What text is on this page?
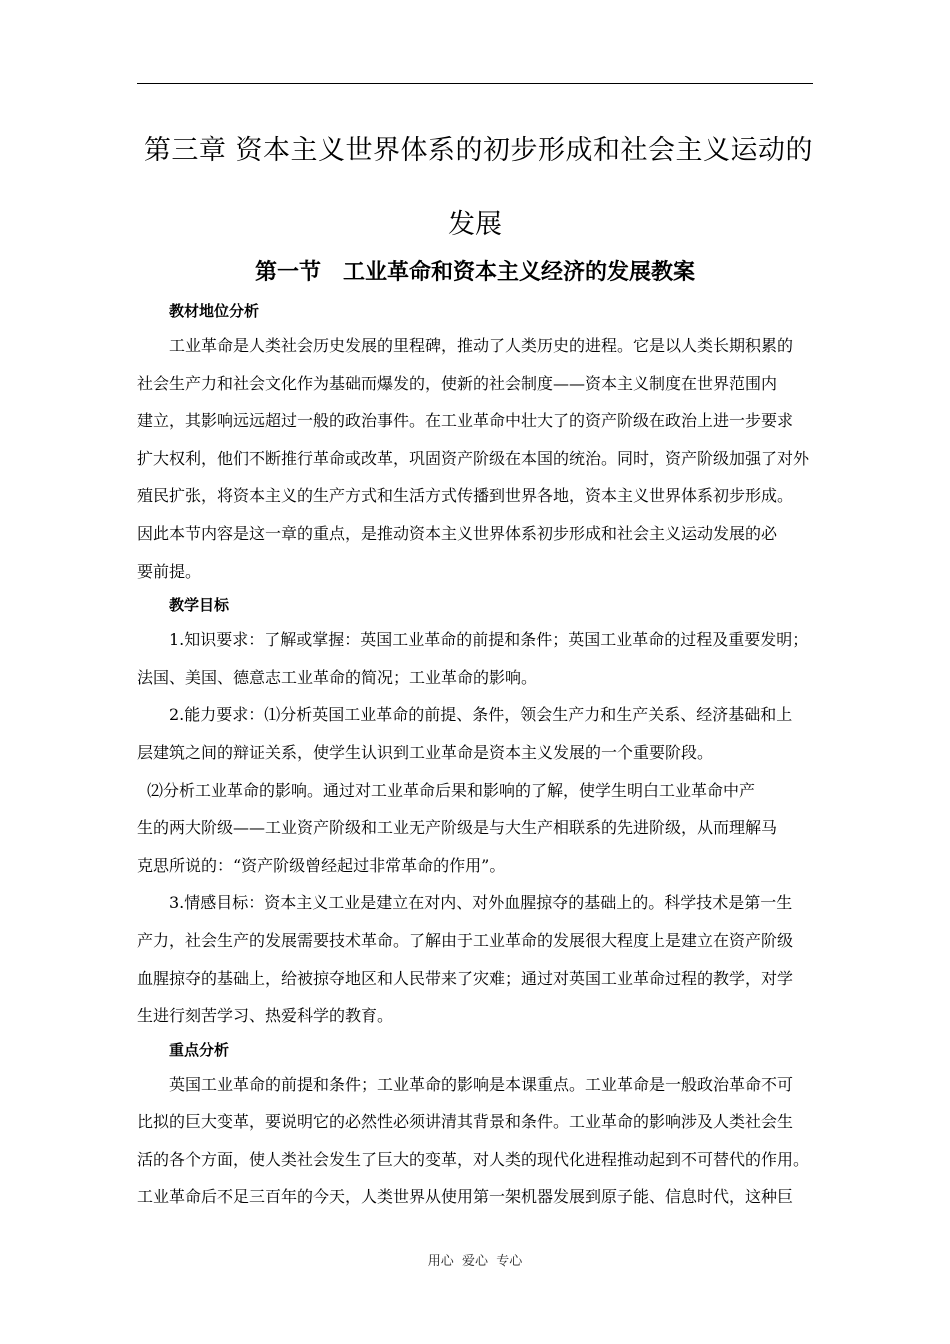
第三章 资本主义世界体系的初步形成和社会主义运动的
发展
第一节　工业革命和资本主义经济的发展教案
教材地位分析
工业革命是人类社会历史发展的里程碑，推动了人类历史的进程。它是以人类长期积累的
社会生产力和社会文化作为基础而爆发的，使新的社会制度——资本主义制度在世界范围内
建立，其影响远远超过一般的政治事件。在工业革命中壮大了的资产阶级在政治上进一步要求
扩大权利，他们不断推行革命或改革，巩固资产阶级在本国的统治。同时，资产阶级加强了对外
殖民扩张，将资本主义的生产方式和生活方式传播到世界各地，资本主义世界体系初步形成。
因此本节内容是这一章的重点，是推动资本主义世界体系初步形成和社会主义运动发展的必
要前提。
教学目标
1.知识要求：了解或掌握：英国工业革命的前提和条件；英国工业革命的过程及重要发明；
法国、美国、德意志工业革命的简况；工业革命的影响。
2.能力要求：⑴分析英国工业革命的前提、条件，领会生产力和生产关系、经济基础和上
层建筑之间的辩证关系，使学生认识到工业革命是资本主义发展的一个重要阶段。
⑵分析工业革命的影响。通过对工业革命后果和影响的了解，使学生明白工业革命中产
生的两大阶级——工业资产阶级和工业无产阶级是与大生产相联系的先进阶级，从而理解马
克思所说的：“资产阶级曾经起过非常革命的作用”。
3.情感目标：资本主义工业是建立在对内、对外血腥掠夺的基础上的。科学技术是第一生
产力，社会生产的发展需要技术革命。了解由于工业革命的发展很大程度上是建立在资产阶级
血腥掠夺的基础上，给被掠夺地区和人民带来了灾难；通过对英国工业革命过程的教学，对学
生进行刻苦学习、热爱科学的教育。
重点分析
英国工业革命的前提和条件；工业革命的影响是本课重点。工业革命是一般政治革命不可
比拟的巨大变革，要说明它的必然性必须讲清其背景和条件。工业革命的影响涉及人类社会生
活的各个方面，使人类社会发生了巨大的变革，对人类的现代化进程推动起到不可替代的作用。
工业革命后不足三百年的今天，人类世界从使用第一架机器发展到原子能、信息时代，这种巨
用心  爱心  专心
